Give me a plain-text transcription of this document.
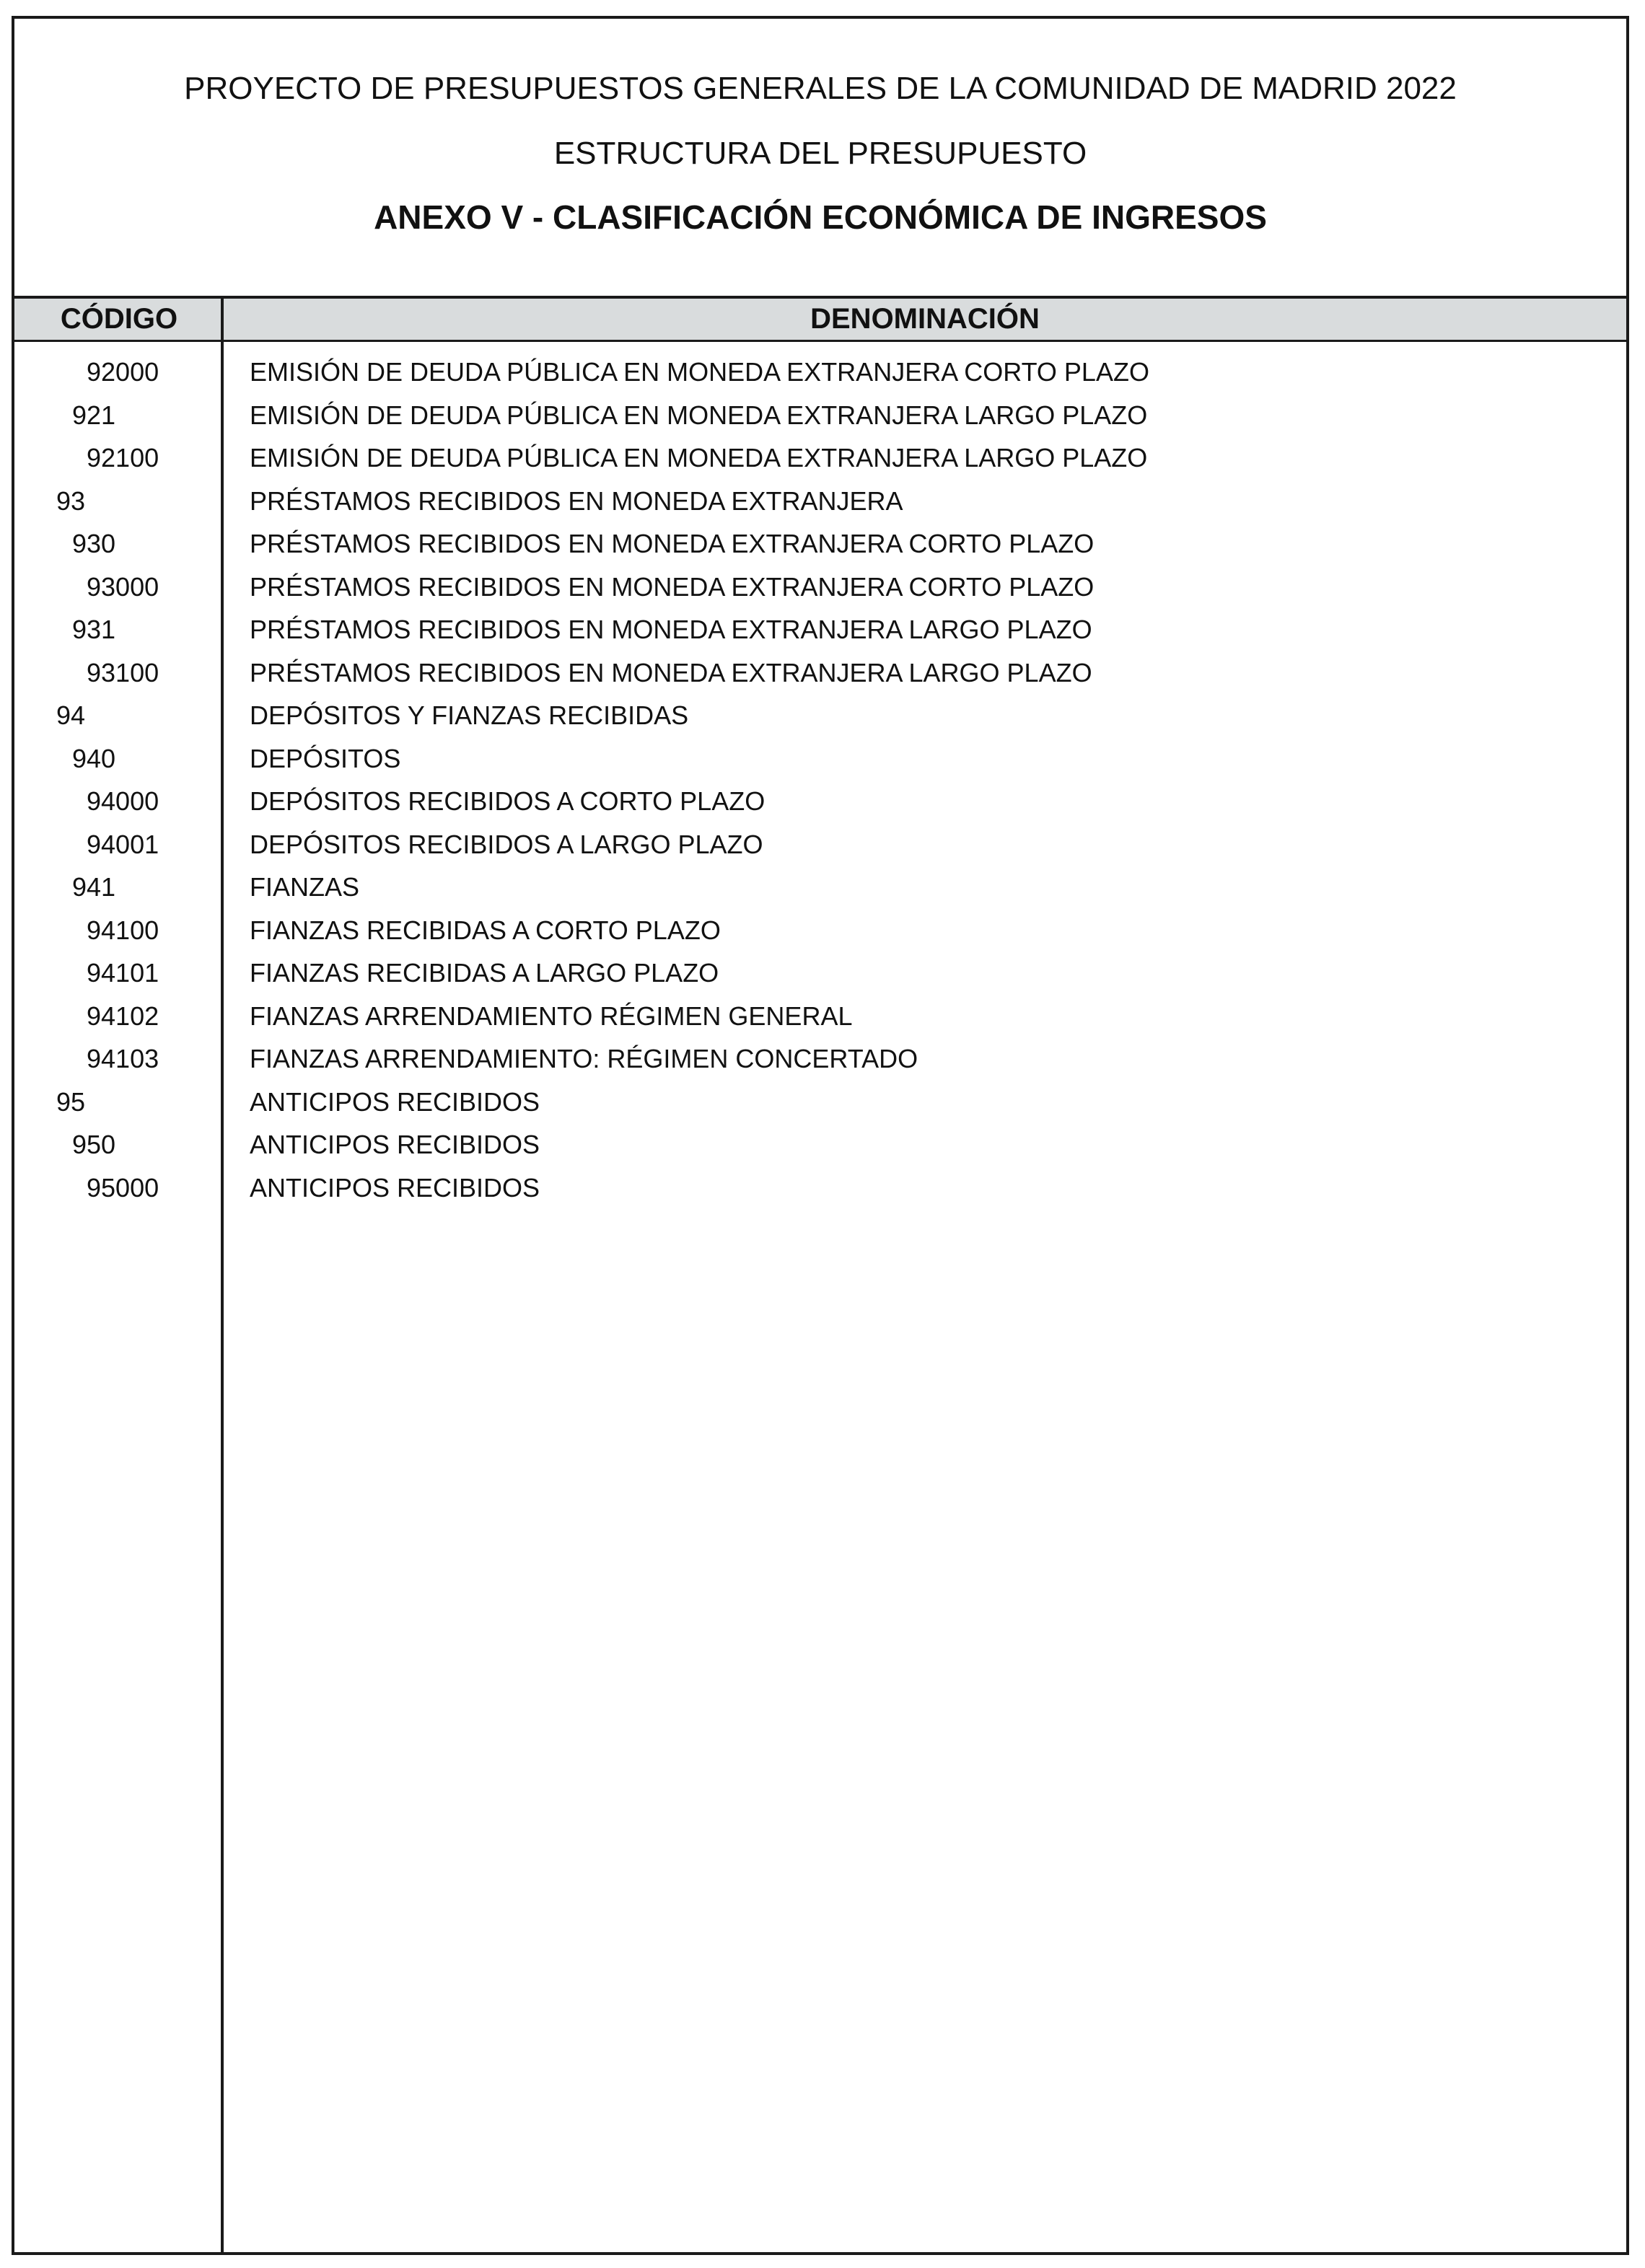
PROYECTO DE PRESUPUESTOS GENERALES DE LA COMUNIDAD DE MADRID 2022
ESTRUCTURA DEL PRESUPUESTO
ANEXO V - CLASIFICACIÓN ECONÓMICA DE INGRESOS
CÓDIGO	DENOMINACIÓN
92000	EMISIÓN DE DEUDA PÚBLICA EN MONEDA EXTRANJERA CORTO PLAZO
921	EMISIÓN DE DEUDA PÚBLICA EN MONEDA EXTRANJERA LARGO PLAZO
92100	EMISIÓN DE DEUDA PÚBLICA EN MONEDA EXTRANJERA LARGO PLAZO
93	PRÉSTAMOS RECIBIDOS EN MONEDA EXTRANJERA
930	PRÉSTAMOS RECIBIDOS EN MONEDA EXTRANJERA CORTO PLAZO
93000	PRÉSTAMOS RECIBIDOS EN MONEDA EXTRANJERA CORTO PLAZO
931	PRÉSTAMOS RECIBIDOS EN MONEDA EXTRANJERA LARGO PLAZO
93100	PRÉSTAMOS RECIBIDOS EN MONEDA EXTRANJERA LARGO PLAZO
94	DEPÓSITOS Y FIANZAS RECIBIDAS
940	DEPÓSITOS
94000	DEPÓSITOS RECIBIDOS A CORTO PLAZO
94001	DEPÓSITOS RECIBIDOS A LARGO PLAZO
941	FIANZAS
94100	FIANZAS RECIBIDAS A CORTO PLAZO
94101	FIANZAS RECIBIDAS A LARGO PLAZO
94102	FIANZAS ARRENDAMIENTO RÉGIMEN GENERAL
94103	FIANZAS ARRENDAMIENTO: RÉGIMEN CONCERTADO
95	ANTICIPOS RECIBIDOS
950	ANTICIPOS RECIBIDOS
95000	ANTICIPOS RECIBIDOS
